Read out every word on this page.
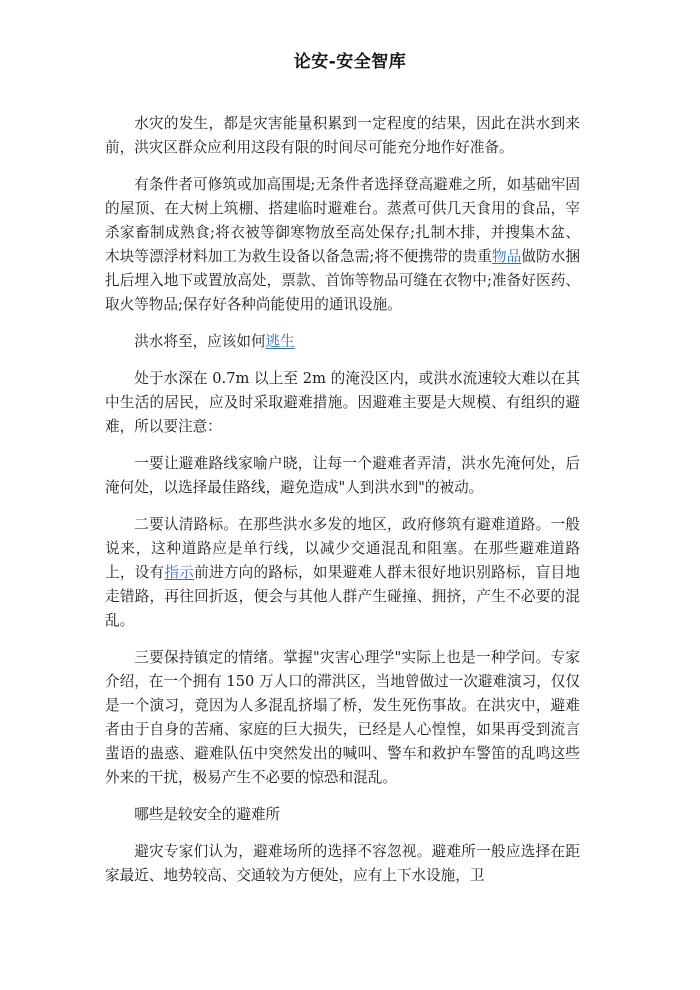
论安-安全智库

水灾的发生，都是灾害能量积累到一定程度的结果，因此在洪水到来前，洪灾区群众应利用这段有限的时间尽可能充分地作好准备。

有条件者可修筑或加高围堤;无条件者选择登高避难之所，如基础牢固的屋顶、在大树上筑棚、搭建临时避难台。蒸煮可供几天食用的食品，宰杀家畜制成熟食;将衣被等御寒物放至高处保存;扎制木排，并搜集木盆、木块等漂浮材料加工为救生设备以备急需;将不便携带的贵重物品做防水捆扎后埋入地下或置放高处，票款、首饰等物品可缝在衣物中;准备好医药、取火等物品;保存好各种尚能使用的通讯设施。

洪水将至，应该如何逃生

处于水深在 0.7m 以上至 2m 的淹没区内，或洪水流速较大难以在其中生活的居民，应及时采取避难措施。因避难主要是大规模、有组织的避难，所以要注意：

一要让避难路线家喻户晓，让每一个避难者弄清，洪水先淹何处，后淹何处，以选择最佳路线，避免造成"人到洪水到"的被动。

二要认清路标。在那些洪水多发的地区，政府修筑有避难道路。一般说来，这种道路应是单行线，以减少交通混乱和阻塞。在那些避难道路上，设有指示前进方向的路标，如果避难人群未很好地识别路标，盲目地走错路，再往回折返，便会与其他人群产生碰撞、拥挤，产生不必要的混乱。

三要保持镇定的情绪。掌握"灾害心理学"实际上也是一种学问。专家介绍，在一个拥有 150 万人口的滞洪区，当地曾做过一次避难演习，仅仅是一个演习，竟因为人多混乱挤塌了桥，发生死伤事故。在洪灾中，避难者由于自身的苦痛、家庭的巨大损失，已经是人心惶惶，如果再受到流言蜚语的蛊惑、避难队伍中突然发出的喊叫、警车和救护车警笛的乱鸣这些外来的干扰，极易产生不必要的惊恐和混乱。

哪些是较安全的避难所

避灾专家们认为，避难场所的选择不容忽视。避难所一般应选择在距家最近、地势较高、交通较为方便处，应有上下水设施，卫
